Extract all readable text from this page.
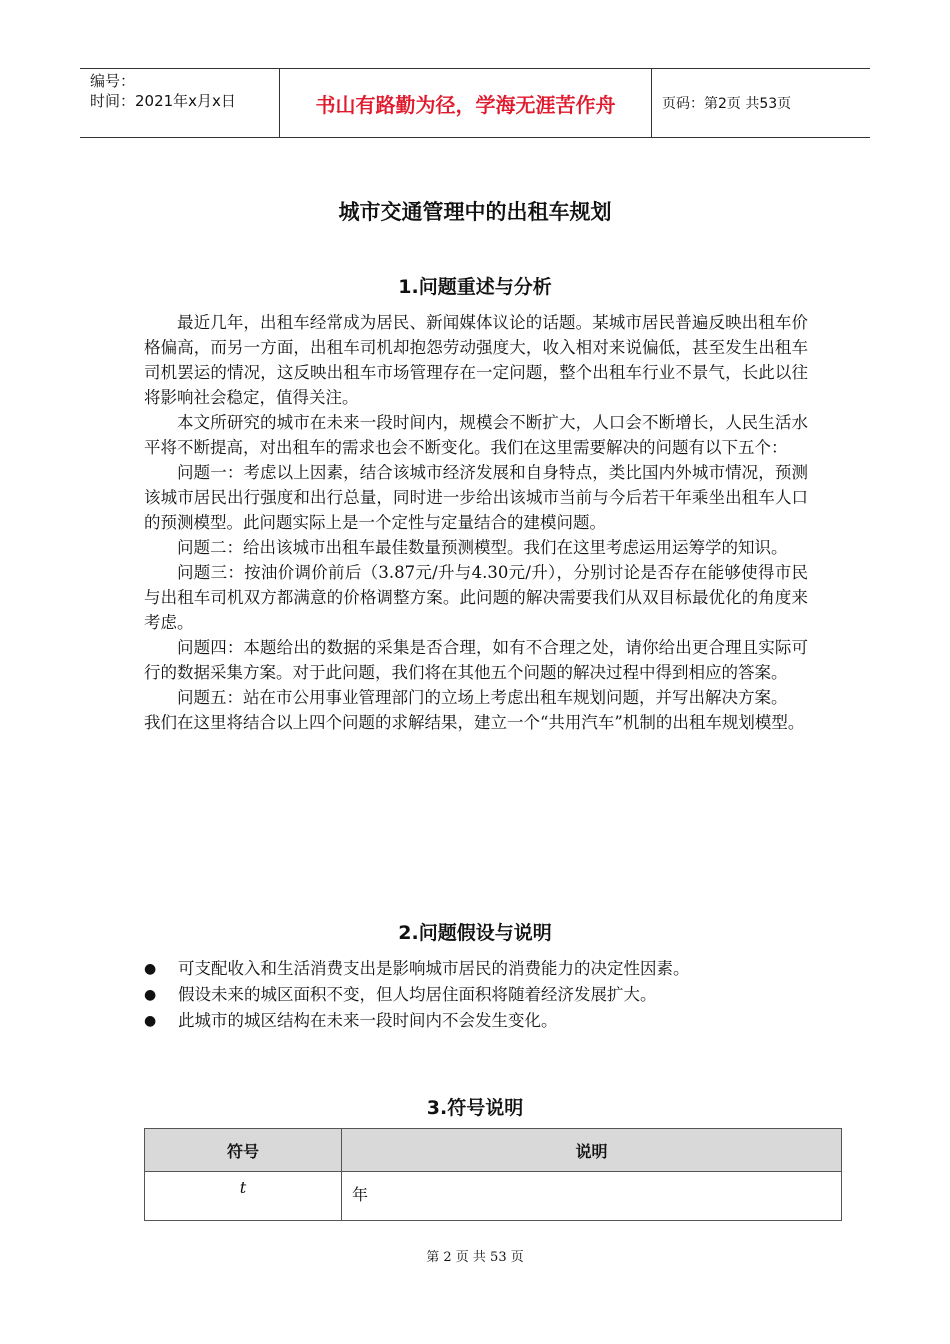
编号：
时间：2021年x月x日	书山有路勤为径，学海无涯苦作舟	页码：第2页 共53页
城市交通管理中的出租车规划
1.问题重述与分析

最近几年，出租车经常成为居民、新闻媒体议论的话题。某城市居民普遍反映出租车价格偏高，而另一方面，出租车司机却抱怨劳动强度大，收入相对来说偏低，甚至发生出租车司机罢运的情况，这反映出租车市场管理存在一定问题，整个出租车行业不景气，长此以往将影响社会稳定，值得关注。

本文所研究的城市在未来一段时间内，规模会不断扩大，人口会不断增长，人民生活水平将不断提高，对出租车的需求也会不断变化。我们在这里需要解决的问题有以下五个：

问题一：考虑以上因素，结合该城市经济发展和自身特点，类比国内外城市情况，预测该城市居民出行强度和出行总量，同时进一步给出该城市当前与今后若干年乘坐出租车人口的预测模型。此问题实际上是一个定性与定量结合的建模问题。

问题二：给出该城市出租车最佳数量预测模型。我们在这里考虑运用运筹学的知识。

问题三：按油价调价前后（3.87元/升与4.30元/升），分别讨论是否存在能够使得市民与出租车司机双方都满意的价格调整方案。此问题的解决需要我们从双目标最优化的角度来考虑。

问题四：本题给出的数据的采集是否合理，如有不合理之处，请你给出更合理且实际可行的数据采集方案。对于此问题，我们将在其他五个问题的解决过程中得到相应的答案。

问题五：站在市公用事业管理部门的立场上考虑出租车规划问题，并写出解决方案。

我们在这里将结合以上四个问题的求解结果，建立一个“共用汽车”机制的出租车规划模型。

2.问题假设与说明
● 可支配收入和生活消费支出是影响城市居民的消费能力的决定性因素。
● 假设未来的城区面积不变，但人均居住面积将随着经济发展扩大。
● 此城市的城区结构在未来一段时间内不会发生变化。
3.符号说明
符号	说明
t	年
第 2 页 共 53 页
